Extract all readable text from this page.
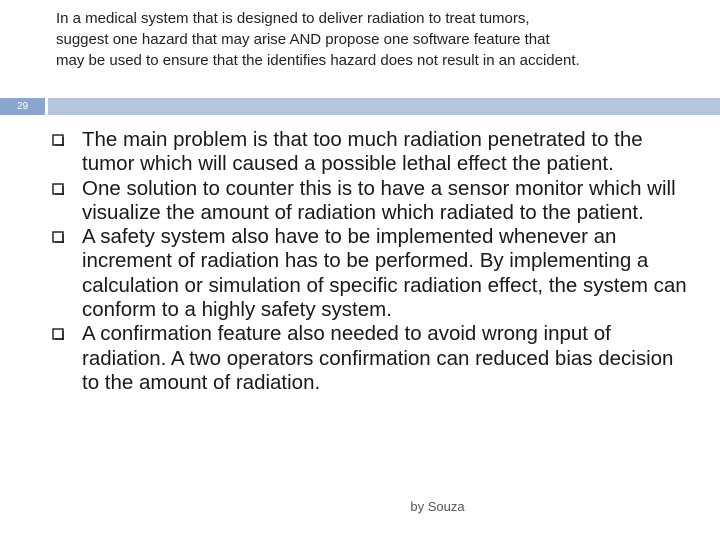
In a medical system that is designed to deliver radiation to treat tumors,
suggest one hazard that may arise AND propose one software feature that
may be used to ensure that the identifies hazard does not result in an accident.
29
The main problem is that too much radiation penetrated to the tumor which will caused a possible lethal effect the patient.
One solution to counter this is to have a sensor monitor which will visualize the amount of radiation which radiated to the patient.
A safety system also have to be implemented whenever an increment of radiation has to be performed. By implementing a calculation or simulation of specific radiation effect, the system can conform to a highly safety system.
A confirmation feature also needed to avoid wrong input of radiation. A two operators confirmation can reduced bias decision to the amount of radiation.
by Souza
